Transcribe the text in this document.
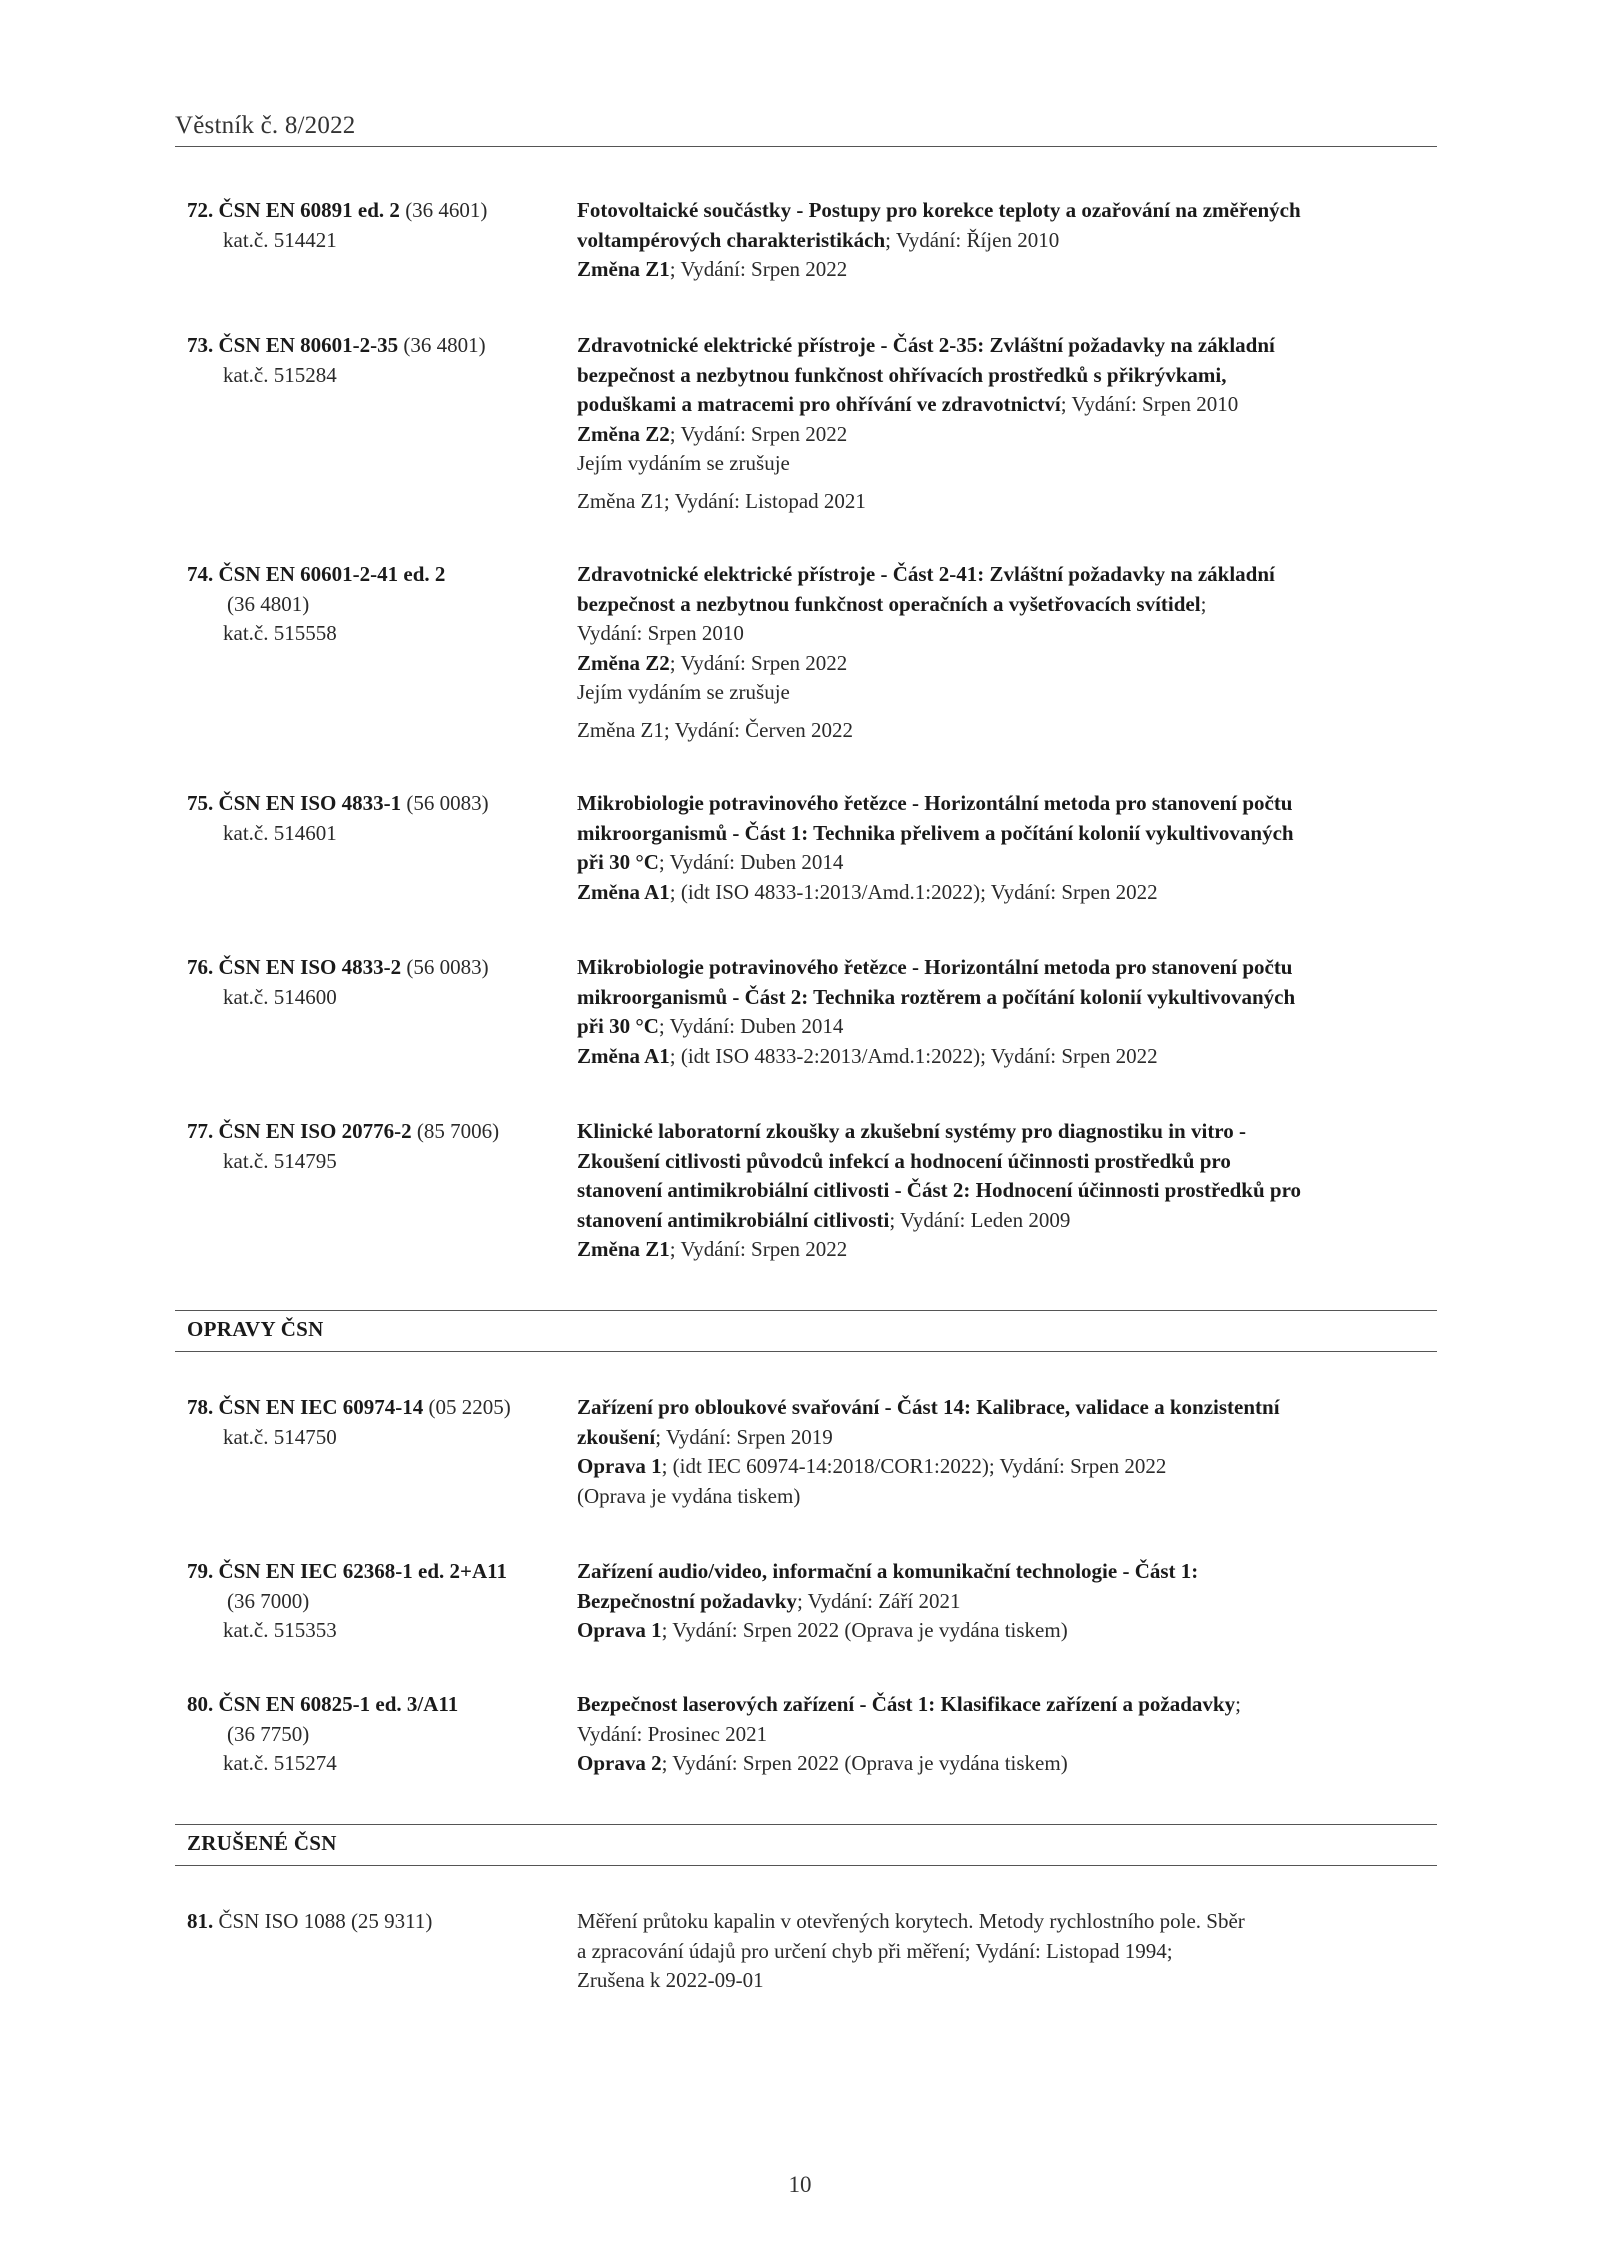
Věstník č. 8/2022
72. ČSN EN 60891 ed. 2 (36 4601)
kat.č. 514421
Fotovoltaické součástky - Postupy pro korekce teploty a ozařování na změřených
voltampérových charakteristikách; Vydání: Říjen 2010
Změna Z1; Vydání: Srpen 2022
73. ČSN EN 80601-2-35 (36 4801)
kat.č. 515284
Zdravotnické elektrické přístroje - Část 2-35: Zvláštní požadavky na základní
bezpečnost a nezbytnou funkčnost ohřívacích prostředků s přikrývkami,
poduškami a matracemi pro ohřívání ve zdravotnictví; Vydání: Srpen 2010
Změna Z2; Vydání: Srpen 2022
Jejím vydáním se zrušuje
Změna Z1; Vydání: Listopad 2021
74. ČSN EN 60601-2-41 ed. 2
(36 4801)
kat.č. 515558
Zdravotnické elektrické přístroje - Část 2-41: Zvláštní požadavky na základní
bezpečnost a nezbytnou funkčnost operačních a vyšetřovacích svítidel;
Vydání: Srpen 2010
Změna Z2; Vydání: Srpen 2022
Jejím vydáním se zrušuje
Změna Z1; Vydání: Červen 2022
75. ČSN EN ISO 4833-1 (56 0083)
kat.č. 514601
Mikrobiologie potravinového řetězce - Horizontální metoda pro stanovení počtu
mikroorganismů - Část 1: Technika přelivem a počítání kolonií vykultivovaných
při 30 °C; Vydání: Duben 2014
Změna A1; (idt ISO 4833-1:2013/Amd.1:2022); Vydání: Srpen 2022
76. ČSN EN ISO 4833-2 (56 0083)
kat.č. 514600
Mikrobiologie potravinového řetězce - Horizontální metoda pro stanovení počtu
mikroorganismů - Část 2: Technika roztěrem a počítání kolonií vykultivovaných
při 30 °C; Vydání: Duben 2014
Změna A1; (idt ISO 4833-2:2013/Amd.1:2022); Vydání: Srpen 2022
77. ČSN EN ISO 20776-2 (85 7006)
kat.č. 514795
Klinické laboratorní zkoušky a zkušební systémy pro diagnostiku in vitro -
Zkoušení citlivosti původců infekcí a hodnocení účinnosti prostředků pro
stanovení antimikrobiální citlivosti - Část 2: Hodnocení účinnosti prostředků pro
stanovení antimikrobiální citlivosti; Vydání: Leden 2009
Změna Z1; Vydání: Srpen 2022
OPRAVY ČSN
78. ČSN EN IEC 60974-14 (05 2205)
kat.č. 514750
Zařízení pro obloukové svařování - Část 14: Kalibrace, validace a konzistentní
zkoušení; Vydání: Srpen 2019
Oprava 1; (idt IEC 60974-14:2018/COR1:2022); Vydání: Srpen 2022
(Oprava je vydána tiskem)
79. ČSN EN IEC 62368-1 ed. 2+A11
(36 7000)
kat.č. 515353
Zařízení audio/video, informační a komunikační technologie - Část 1:
Bezpečnostní požadavky; Vydání: Září 2021
Oprava 1; Vydání: Srpen 2022 (Oprava je vydána tiskem)
80. ČSN EN 60825-1 ed. 3/A11
(36 7750)
kat.č. 515274
Bezpečnost laserových zařízení - Část 1: Klasifikace zařízení a požadavky;
Vydání: Prosinec 2021
Oprava 2; Vydání: Srpen 2022 (Oprava je vydána tiskem)
ZRUŠENÉ ČSN
81. ČSN ISO 1088 (25 9311)	Měření průtoku kapalin v otevřených korytech. Metody rychlostního pole. Sběr
a zpracování údajů pro určení chyb při měření; Vydání: Listopad 1994;
Zrušena k 2022-09-01
10
